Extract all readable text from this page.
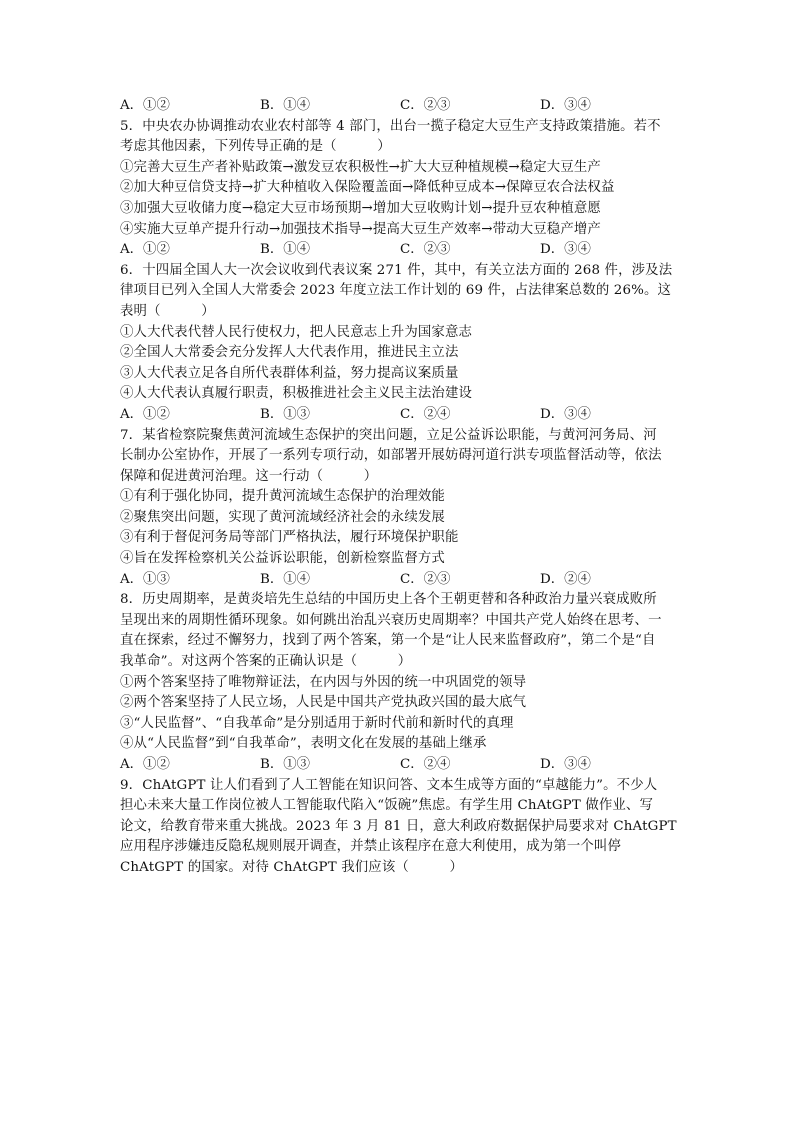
A．①②	B．①④	C．②③	D．③④
5．中央农办协调推动农业农村部等 4 部门，出台一揽子稳定大豆生产支持政策措施。若不
考虑其他因素，下列传导正确的是（　　　）
①完善大豆生产者补贴政策→激发豆农积极性→扩大大豆种植规模→稳定大豆生产
②加大种豆信贷支持→扩大种植收入保险覆盖面→降低种豆成本→保障豆农合法权益
③加强大豆收储力度→稳定大豆市场预期→增加大豆收购计划→提升豆农种植意愿
④实施大豆单产提升行动→加强技术指导→提高大豆生产效率→带动大豆稳产增产
A．①②	B．①④	C．②③	D．③④
6．十四届全国人大一次会议收到代表议案 271 件，其中，有关立法方面的 268 件，涉及法
律项目已列入全国人大常委会 2023 年度立法工作计划的 69 件，占法律案总数的 26%。这
表明（　　　）
①人大代表代替人民行使权力，把人民意志上升为国家意志
②全国人大常委会充分发挥人大代表作用，推进民主立法
③人大代表立足各自所代表群体利益，努力提高议案质量
④人大代表认真履行职责，积极推进社会主义民主法治建设
A．①②	B．①③	C．②④	D．③④
7．某省检察院聚焦黄河流域生态保护的突出问题，立足公益诉讼职能，与黄河河务局、河
长制办公室协作，开展了一系列专项行动，如部署开展妨碍河道行洪专项监督活动等，依法
保障和促进黄河治理。这一行动（　　　）
①有利于强化协同，提升黄河流域生态保护的治理效能
②聚焦突出问题，实现了黄河流域经济社会的永续发展
③有利于督促河务局等部门严格执法，履行环境保护职能
④旨在发挥检察机关公益诉讼职能，创新检察监督方式
A．①③	B．①④	C．②③	D．②④
8．历史周期率，是黄炎培先生总结的中国历史上各个王朝更替和各种政治力量兴衰成败所
呈现出来的周期性循环现象。如何跳出治乱兴衰历史周期率？中国共产党人始终在思考、一
直在探索，经过不懈努力，找到了两个答案，第一个是“让人民来监督政府”，第二个是“自
我革命”。对这两个答案的正确认识是（　　　）
①两个答案坚持了唯物辩证法，在内因与外因的统一中巩固党的领导
②两个答案坚持了人民立场，人民是中国共产党执政兴国的最大底气
③“人民监督”、“自我革命”是分别适用于新时代前和新时代的真理
④从“人民监督”到“自我革命”，表明文化在发展的基础上继承
A．①②	B．①③	C．②④	D．③④
9．ChAtGPT 让人们看到了人工智能在知识问答、文本生成等方面的“卓越能力”。不少人
担心未来大量工作岗位被人工智能取代陷入“饭碗”焦虑。有学生用 ChAtGPT 做作业、写
论文，给教育带来重大挑战。2023 年 3 月 81 日，意大利政府数据保护局要求对 ChAtGPT
应用程序涉嫌违反隐私规则展开调查，并禁止该程序在意大利使用，成为第一个叫停
ChAtGPT 的国家。对待 ChAtGPT 我们应该（　　　）
